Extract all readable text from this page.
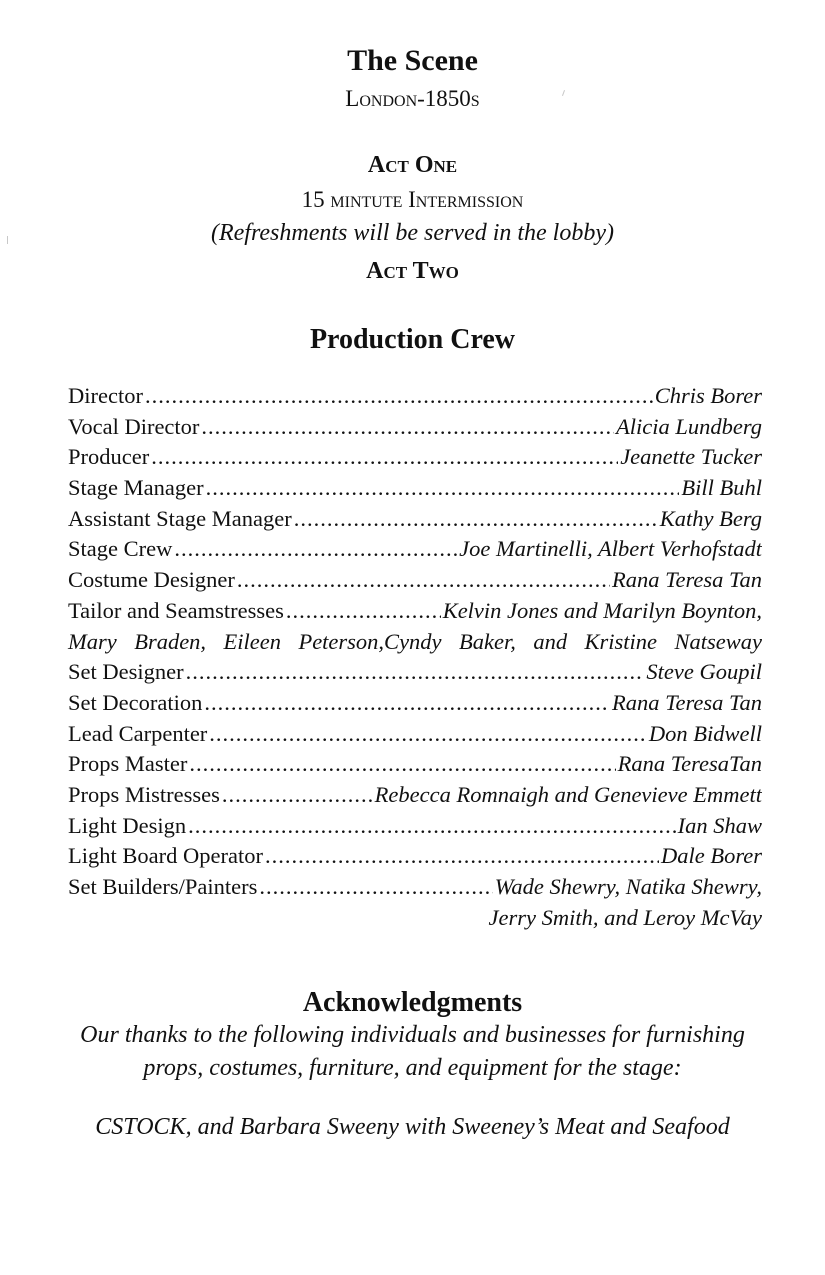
The Scene
London-1850s
Act One
15 mintute Intermission
(Refreshments will be served in the lobby)
Act Two
Production Crew
Director .....	Chris Borer
Vocal Director .....	Alicia Lundberg
Producer .....	Jeanette Tucker
Stage Manager .....	Bill Buhl
Assistant Stage Manager .....	Kathy Berg
Stage Crew .....	Joe Martinelli, Albert Verhofstadt
Costume Designer .....	Rana Teresa Tan
Tailor and Seamstresses .....	Kelvin Jones and Marilyn Boynton,
Mary Braden, Eileen Peterson,Cyndy Baker, and Kristine Natseway
Set Designer .....	Steve Goupil
Set Decoration .....	Rana Teresa Tan
Lead Carpenter .....	Don Bidwell
Props Master .....	Rana TeresaTan
Props Mistresses .....	Rebecca Romnaigh and Genevieve Emmett
Light Design .....	Ian Shaw
Light Board Operator .....	Dale Borer
Set Builders/Painters .....	Wade Shewry, Natika Shewry,
Jerry Smith, and Leroy McVay
Acknowledgments
Our thanks to the following individuals and businesses for furnishing
props, costumes, furniture, and equipment for the stage:
CSTOCK, and Barbara Sweeny with Sweeney’s Meat and Seafood
